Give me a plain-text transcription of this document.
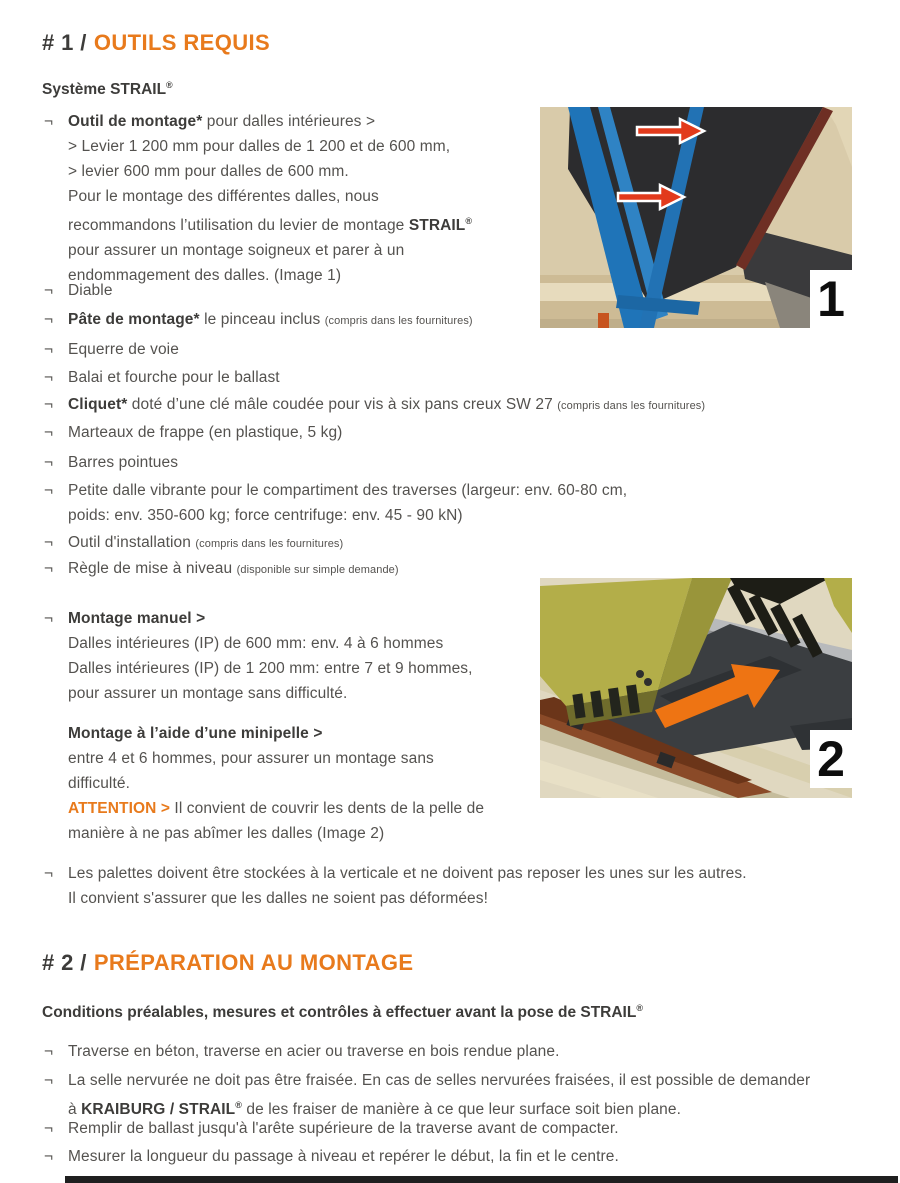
# 1 / OUTILS REQUIS
Système STRAIL®
¬ Outil de montage* pour dalles intérieures >
> Levier 1 200 mm pour dalles de 1 200 et de 600 mm,
> levier 600 mm pour dalles de 600 mm.
Pour le montage des différentes dalles, nous
recommandons l’utilisation du levier de montage STRAIL®
pour assurer un montage soigneux et parer à un
endommagement des dalles. (Image 1)
¬ Diable
¬ Pâte de montage* le pinceau inclus (compris dans les fournitures)
¬ Equerre de voie
¬ Balai et fourche pour le ballast
¬ Cliquet* doté d’une clé mâle coudée pour vis à six pans creux SW 27 (compris dans les fournitures)
¬ Marteaux de frappe (en plastique, 5 kg)
¬ Barres pointues
¬ Petite dalle vibrante pour le compartiment des traverses (largeur: env. 60-80 cm,
poids: env. 350-600 kg; force centrifuge: env. 45 - 90 kN)
¬ Outil d'installation (compris dans les fournitures)
¬ Règle de mise à niveau (disponible sur simple demande)
¬ Montage manuel >
Dalles intérieures (IP) de 600 mm: env. 4 à 6 hommes
Dalles intérieures (IP) de 1 200 mm: entre 7 et 9 hommes,
pour assurer un montage sans difficulté.
Montage à l’aide d’une minipelle >
entre 4 et 6 hommes, pour assurer un montage sans
difficulté.
ATTENTION > Il convient de couvrir les dents de la pelle de
manière à ne pas abîmer les dalles (Image 2)
¬ Les palettes doivent être stockées à la verticale et ne doivent pas reposer les unes sur les autres.
Il convient s'assurer que les dalles ne soient pas déformées!
1
2
# 2 / PRÉPARATION AU MONTAGE
Conditions préalables, mesures et contrôles à effectuer avant la pose de STRAIL®
¬ Traverse en béton, traverse en acier ou traverse en bois rendue plane.
¬ La selle nervurée ne doit pas être fraisée. En cas de selles nervurées fraisées, il est possible de demander
à KRAIBURG / STRAIL® de les fraiser de manière à ce que leur surface soit bien plane.
¬ Remplir de ballast jusqu'à l'arête supérieure de la traverse avant de compacter.
¬ Mesurer la longueur du passage à niveau et repérer le début, la fin et le centre.
